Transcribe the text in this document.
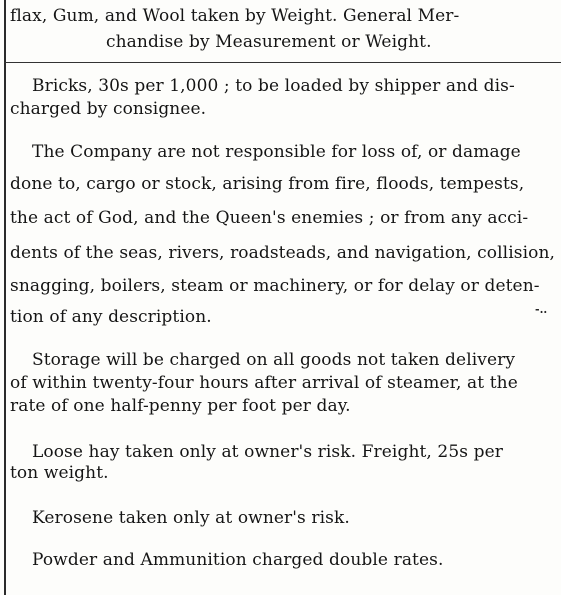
flax, Gum, and Wool taken by Weight. General Mer-
chandise by Measurement or Weight.
Bricks, 30s per 1,000 ; to be loaded by shipper and dis-
charged by consignee.
The Company are not responsible for loss of, or damage
done to, cargo or stock, arising from fire, floods, tempests,
the act of God, and the Queen's enemies ; or from any acci-
dents of the seas, rivers, roadsteads, and navigation, collision,
snagging, boilers, steam or machinery, or for delay or deten-
tion of any description.	-..
Storage will be charged on all goods not taken delivery
of within twenty-four hours after arrival of steamer, at the
rate of one half-penny per foot per day.
Loose hay taken only at owner's risk. Freight, 25s per
ton weight.
Kerosene taken only at owner's risk.
Powder and Ammunition charged double rates.
